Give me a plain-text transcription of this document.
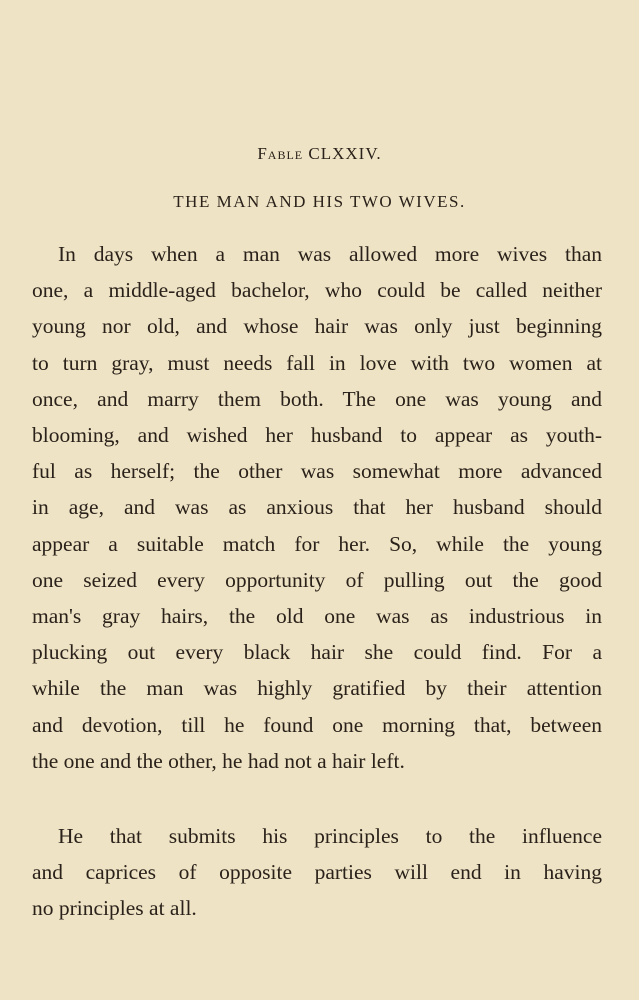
Fable CLXXIV.
THE MAN AND HIS TWO WIVES.
In days when a man was allowed more wives than
one, a middle-aged bachelor, who could be called neither
young nor old, and whose hair was only just beginning
to turn gray, must needs fall in love with two women at
once, and marry them both. The one was young and
blooming, and wished her husband to appear as youth-
ful as herself; the other was somewhat more advanced
in age, and was as anxious that her husband should
appear a suitable match for her. So, while the young
one seized every opportunity of pulling out the good
man's gray hairs, the old one was as industrious in
plucking out every black hair she could find. For a
while the man was highly gratified by their attention
and devotion, till he found one morning that, between
the one and the other, he had not a hair left.
He that submits his principles to the influence
and caprices of opposite parties will end in having
no principles at all.
